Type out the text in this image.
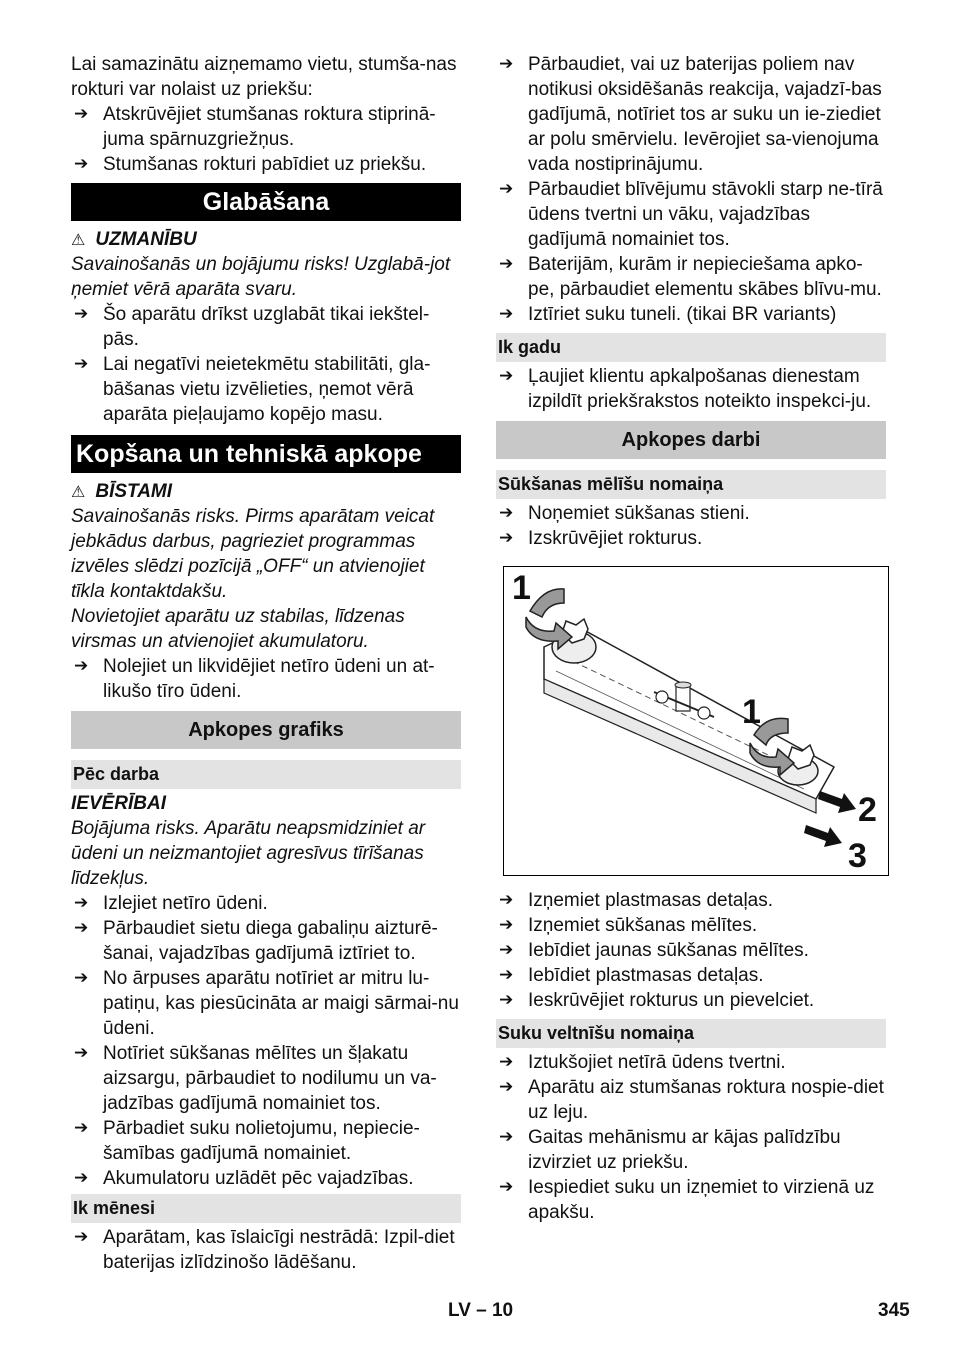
Lai samazinātu aizņemamo vietu, stumša-nas rokturi var nolaist uz priekšu:

➔ Atskrūvējiet stumšanas roktura stiprinā-juma spārnuzgriežņus.

➔ Stumšanas rokturi pabīdiet uz priekšu.

Glabāšana

⚠ UZMANĪBU

Savainošanās un bojājumu risks! Uzglabā-jot ņemiet vērā aparāta svaru.

➔ Šo aparātu drīkst uzglabāt tikai iekštel-pās.

➔ Lai negatīvi neietekmētu stabilitāti, gla-bāšanas vietu izvēlieties, ņemot vērā aparāta pieļaujamo kopējo masu.

Kopšana un tehniskā apkope

⚠ BĪSTAMI

Savainošanās risks. Pirms aparātam veicat jebkādus darbus, pagrieziet programmas izvēles slēdzi pozīcijā „OFF“ un atvienojiet tīkla kontaktdakšu.

Novietojiet aparātu uz stabilas, līdzenas virsmas un atvienojiet akumulatoru.

➔ Nolejiet un likvidējiet netīro ūdeni un at-likušo tīro ūdeni.

Apkopes grafiks
Pēc darba

IEVĒRĪBAI

Bojājuma risks. Aparātu neapsmidziniet ar ūdeni un neizmantojiet agresīvus tīrīšanas līdzekļus.

➔ Izlejiet netīro ūdeni.

➔ Pārbaudiet sietu diega gabaliņu aizturē-šanai, vajadzības gadījumā iztīriet to.

➔ No ārpuses aparātu notīriet ar mitru lu-patiņu, kas piesūcināta ar maigi sārmai-nu ūdeni.

➔ Notīriet sūkšanas mēlītes un šļakatu aizsargu, pārbaudiet to nodilumu un va-jadzības gadījumā nomainiet tos.

➔ Pārbadiet suku nolietojumu, nepiecie-šamības gadījumā nomainiet.

➔ Akumulatoru uzlādēt pēc vajadzības.

Ik mēnesi

➔ Aparātam, kas īslaicīgi nestrādā: Izpil-diet baterijas izlīdzinošo lādēšanu.

➔ Pārbaudiet, vai uz baterijas poliem nav notikusi oksidēšanās reakcija, vajadzī-bas gadījumā, notīriet tos ar suku un ie-ziediet ar polu smērvielu. Ievērojiet sa-vienojuma vada nostiprinājumu.

➔ Pārbaudiet blīvējumu stāvokli starp ne-tīrā ūdens tvertni un vāku, vajadzības gadījumā nomainiet tos.

➔ Baterijām, kurām ir nepieciešama apko-pe, pārbaudiet elementu skābes blīvu-mu.

➔ Iztīriet suku tuneli. (tikai BR variants)

Ik gadu

➔ Ļaujiet klientu apkalpošanas dienestam izpildīt priekšrakstos noteikto inspekci-ju.

Apkopes darbi
Sūkšanas mēlīšu nomaiņa

➔ Noņemiet sūkšanas stieni.

➔ Izskrūvējiet rokturus.

1
1
2
3

➔ Izņemiet plastmasas detaļas.

➔ Izņemiet sūkšanas mēlītes.

➔ Iebīdiet jaunas sūkšanas mēlītes.

➔ Iebīdiet plastmasas detaļas.

➔ Ieskrūvējiet rokturus un pievelciet.

Suku veltnīšu nomaiņa

➔ Iztukšojiet netīrā ūdens tvertni.

➔ Aparātu aiz stumšanas roktura nospie-diet uz leju.

➔ Gaitas mehānismu ar kājas palīdzību izvirziet uz priekšu.

➔ Iespiediet suku un izņemiet to virzienā uz apakšu.

LV – 10	345
